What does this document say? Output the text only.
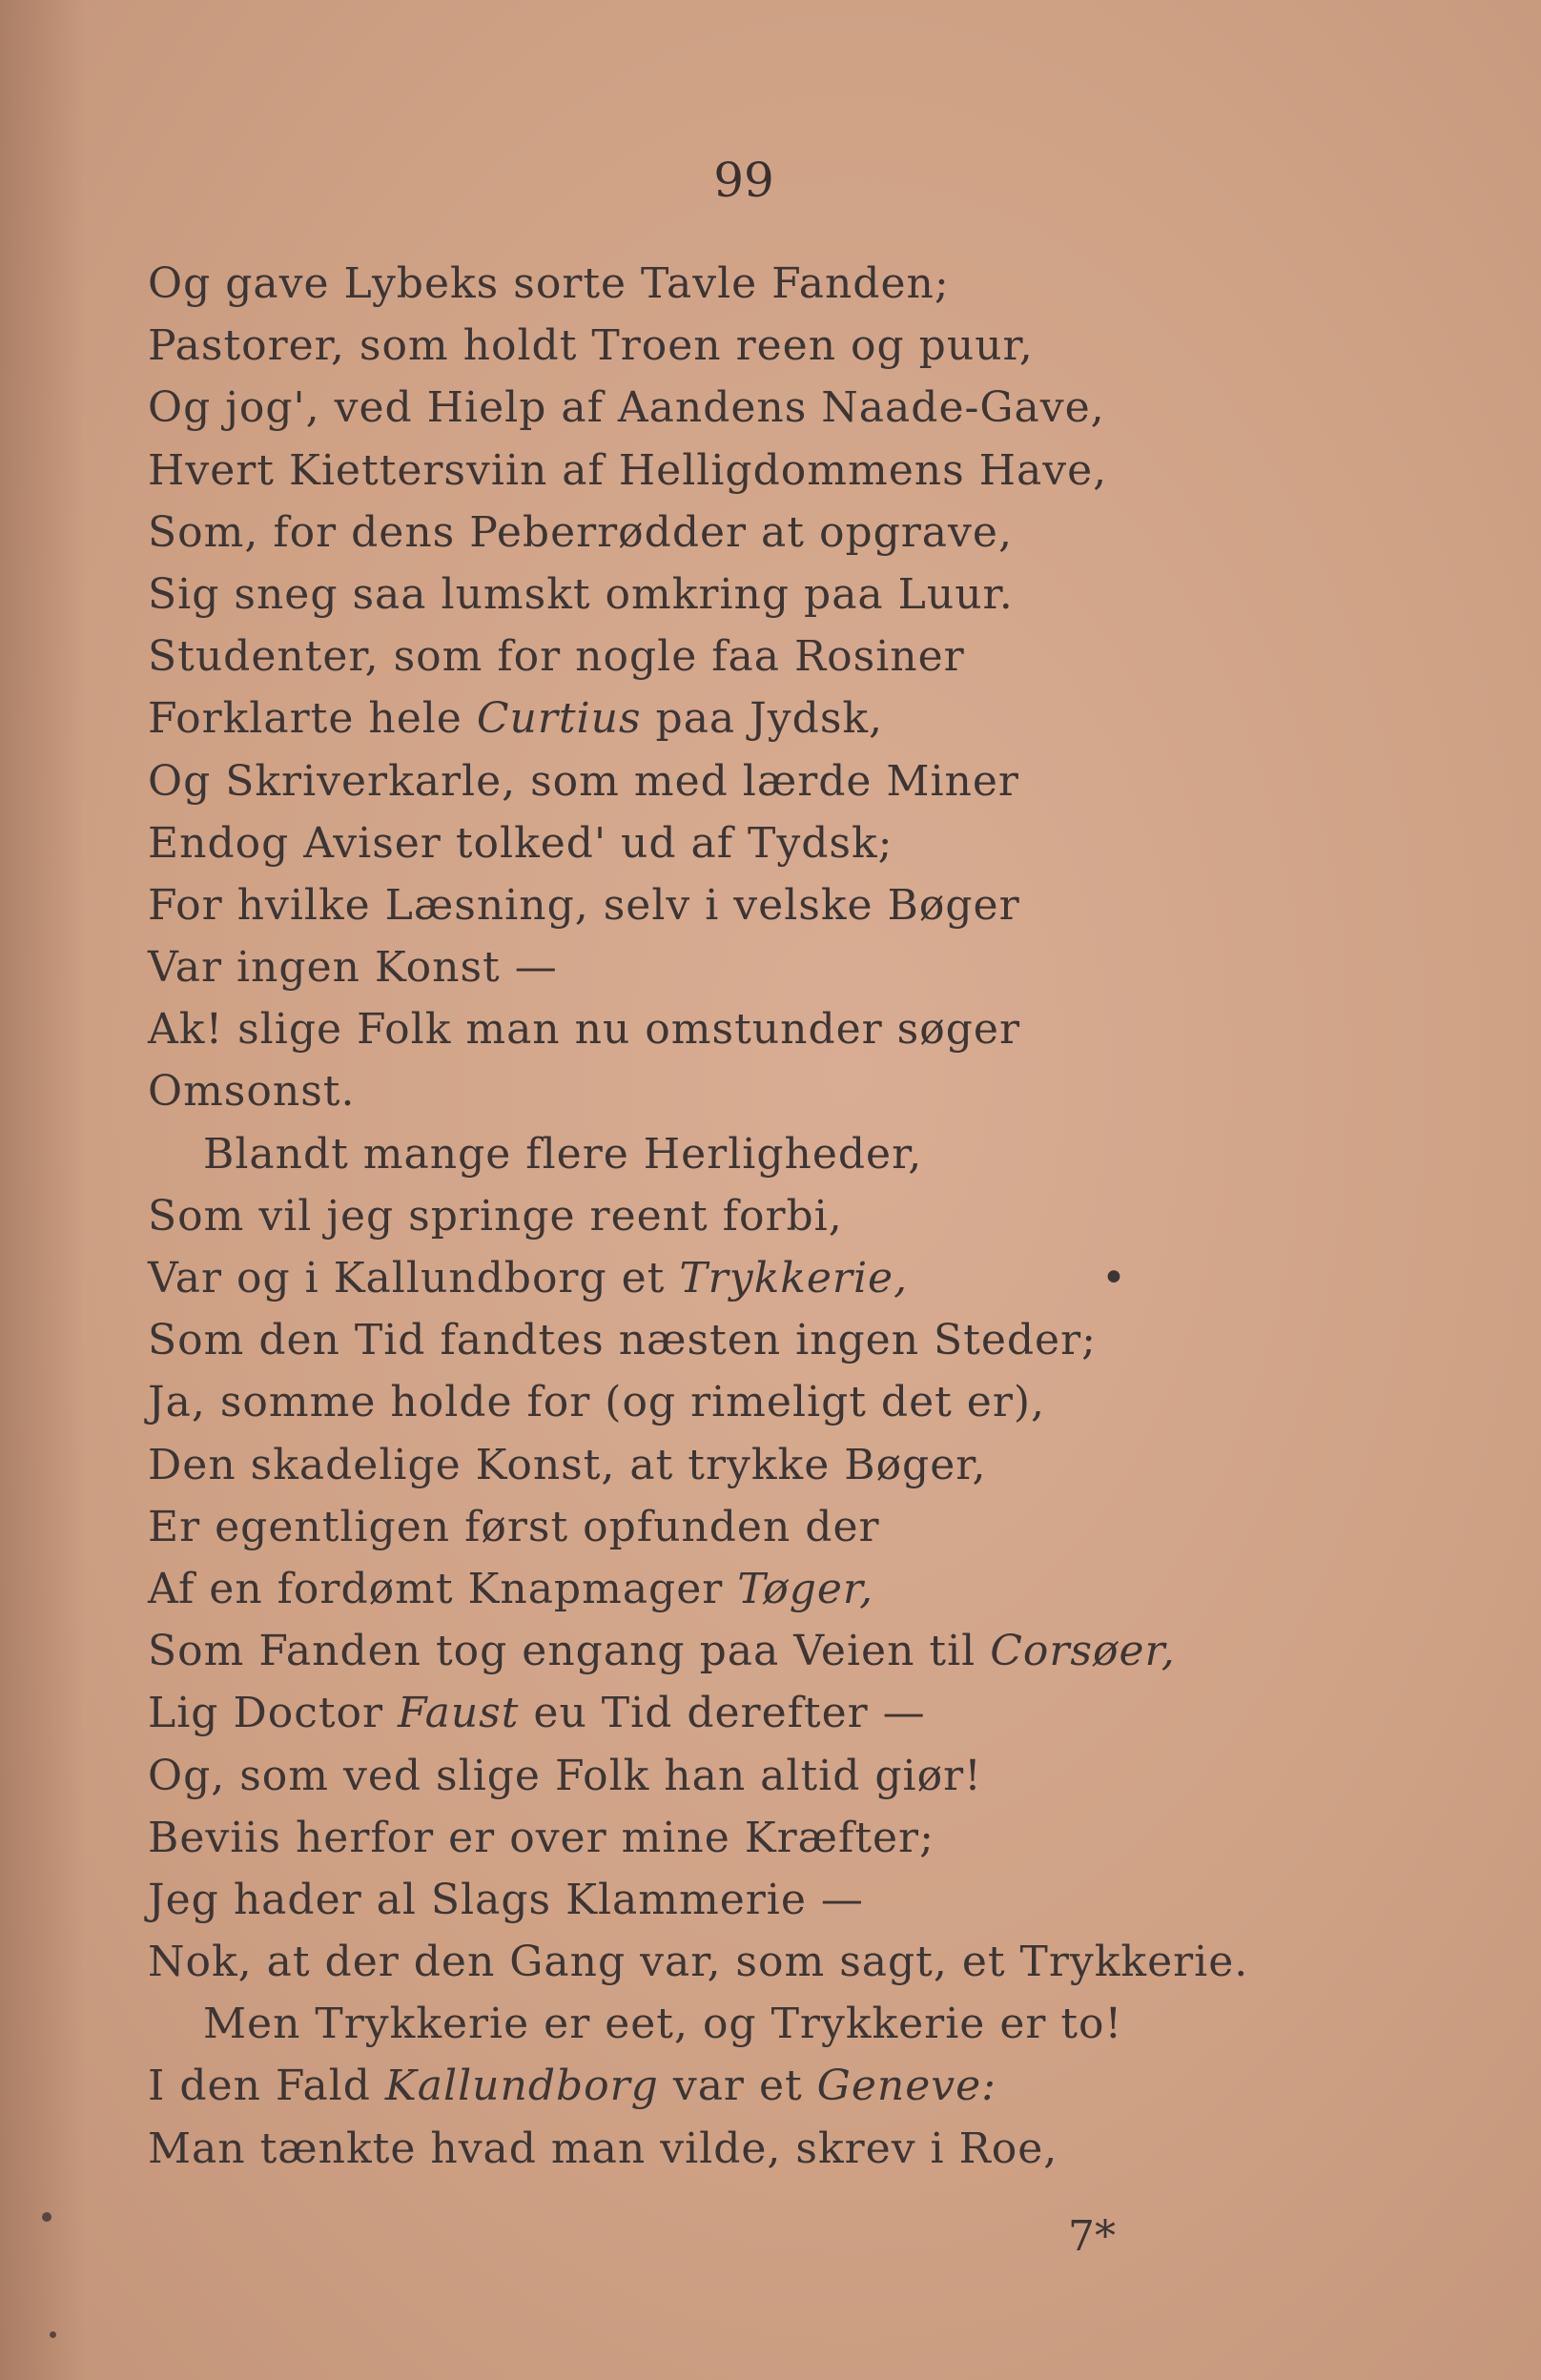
99
Og gave Lybeks sorte Tavle Fanden;
Pastorer, som holdt Troen reen og puur,
Og jog', ved Hielp af Aandens Naade-Gave,
Hvert Kiettersviin af Helligdommens Have,
Som, for dens Peberrødder at opgrave,
Sig sneg saa lumskt omkring paa Luur.
Studenter, som for nogle faa Rosiner
Forklarte hele Curtius paa Jydsk,
Og Skriverkarle, som med lærde Miner
Endog Aviser tolked' ud af Tydsk;
For hvilke Læsning, selv i velske Bøger
Var ingen Konst —
Ak! slige Folk man nu omstunder søger
Omsonst.
Blandt mange flere Herligheder,
Som vil jeg springe reent forbi,
Var og i Kallundborg et Trykkerie,	•
Som den Tid fandtes næsten ingen Steder;
Ja, somme holde for (og rimeligt det er),
Den skadelige Konst, at trykke Bøger,
Er egentligen først opfunden der
Af en fordømt Knapmager Tøger,
Som Fanden tog engang paa Veien til Corsøer,
Lig Doctor Faust eu Tid derefter —
Og, som ved slige Folk han altid giør!
Beviis herfor er over mine Kræfter;
Jeg hader al Slags Klammerie —
Nok, at der den Gang var, som sagt, et Trykkerie.
Men Trykkerie er eet, og Trykkerie er to!
I den Fald Kallundborg var et Geneve:
Man tænkte hvad man vilde, skrev i Roe,
7*
